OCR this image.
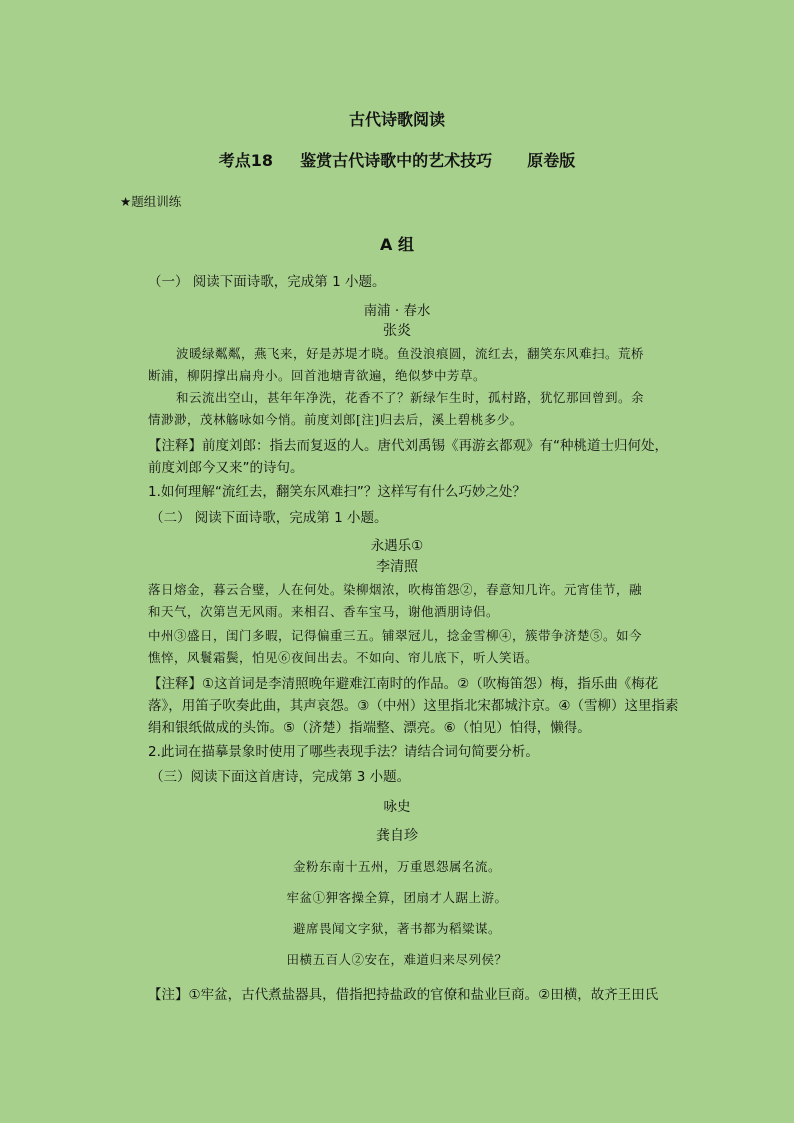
古代诗歌阅读
考点18 鉴赏古代诗歌中的艺术技巧 原卷版
★题组训练
A 组
（一） 阅读下面诗歌，完成第 1 小题。
南浦 · 春水
张炎
波暖绿粼粼，燕飞来，好是苏堤才晓。鱼没浪痕圆，流红去，翻笑东风难扫。荒桥
断浦，柳阴撑出扁舟小。回首池塘青欲遍，绝似梦中芳草。
和云流出空山，甚年年净洗，花香不了？新绿乍生时，孤村路，犹忆那回曾到。余
情渺渺，茂林觞咏如今悄。前度刘郎[注]归去后，溪上碧桃多少。
【注释】前度刘郎：指去而复返的人。唐代刘禹锡《再游玄都观》有“种桃道士归何处，
前度刘郎今又来”的诗句。
1.如何理解“流红去，翻笑东风难扫”？这样写有什么巧妙之处？
（二） 阅读下面诗歌，完成第 1 小题。
永遇乐①
李清照
落日熔金，暮云合璧，人在何处。染柳烟浓，吹梅笛怨②，春意知几许。元宵佳节，融
和天气，次第岂无风雨。来相召、香车宝马，谢他酒朋诗侣。
中州③盛日，闺门多暇，记得偏重三五。铺翠冠儿，捻金雪柳④，簇带争济楚⑤。如今
憔悴，风鬟霜鬓，怕见⑥夜间出去。不如向、帘儿底下，听人笑语。
【注释】①这首词是李清照晚年避难江南时的作品。②（吹梅笛怨）梅，指乐曲《梅花
落》，用笛子吹奏此曲，其声哀怨。③（中州）这里指北宋都城汴京。④（雪柳）这里指素
绢和银纸做成的头饰。⑤（济楚）指端整、漂亮。⑥（怕见）怕得，懒得。
2.此词在描摹景象时使用了哪些表现手法？请结合词句简要分析。
（三）阅读下面这首唐诗，完成第 3 小题。
咏史
龚自珍
金粉东南十五州，万重恩怨属名流。
牢盆①狎客操全算，团扇才人踞上游。
避席畏闻文字狱，著书都为稻粱谋。
田横五百人②安在，难道归来尽列侯？
【注】①牢盆，古代煮盐器具，借指把持盐政的官僚和盐业巨商。②田横，故齐王田氏
